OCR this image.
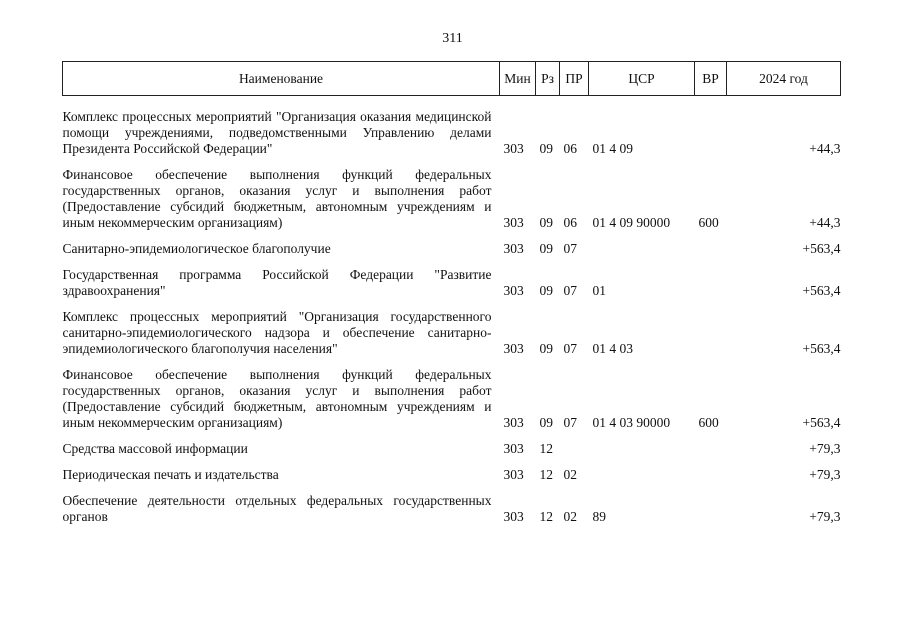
311
Наименование	Мин	Рз	ПР	ЦСР	ВР	2024 год
Комплекс процессных мероприятий "Организация оказания медицинской помощи учреждениями, подведомственными Управлению делами Президента Российской Федерации"	303	09	06	01 4 09		+44,3
Финансовое обеспечение выполнения функций федеральных государственных органов, оказания услуг и выполнения работ (Предоставление субсидий бюджетным, автономным учреждениям и иным некоммерческим организациям)	303	09	06	01 4 09 90000	600	+44,3
Санитарно-эпидемиологическое благополучие	303	09	07			+563,4
Государственная программа Российской Федерации "Развитие здравоохранения"	303	09	07	01		+563,4
Комплекс процессных мероприятий "Организация государственного санитарно-эпидемиологического надзора и обеспечение санитарно-эпидемиологического благополучия населения"	303	09	07	01 4 03		+563,4
Финансовое обеспечение выполнения функций федеральных государственных органов, оказания услуг и выполнения работ (Предоставление субсидий бюджетным, автономным учреждениям и иным некоммерческим организациям)	303	09	07	01 4 03 90000	600	+563,4
Средства массовой информации	303	12				+79,3
Периодическая печать и издательства	303	12	02			+79,3
Обеспечение деятельности отдельных федеральных государственных органов	303	12	02	89		+79,3
